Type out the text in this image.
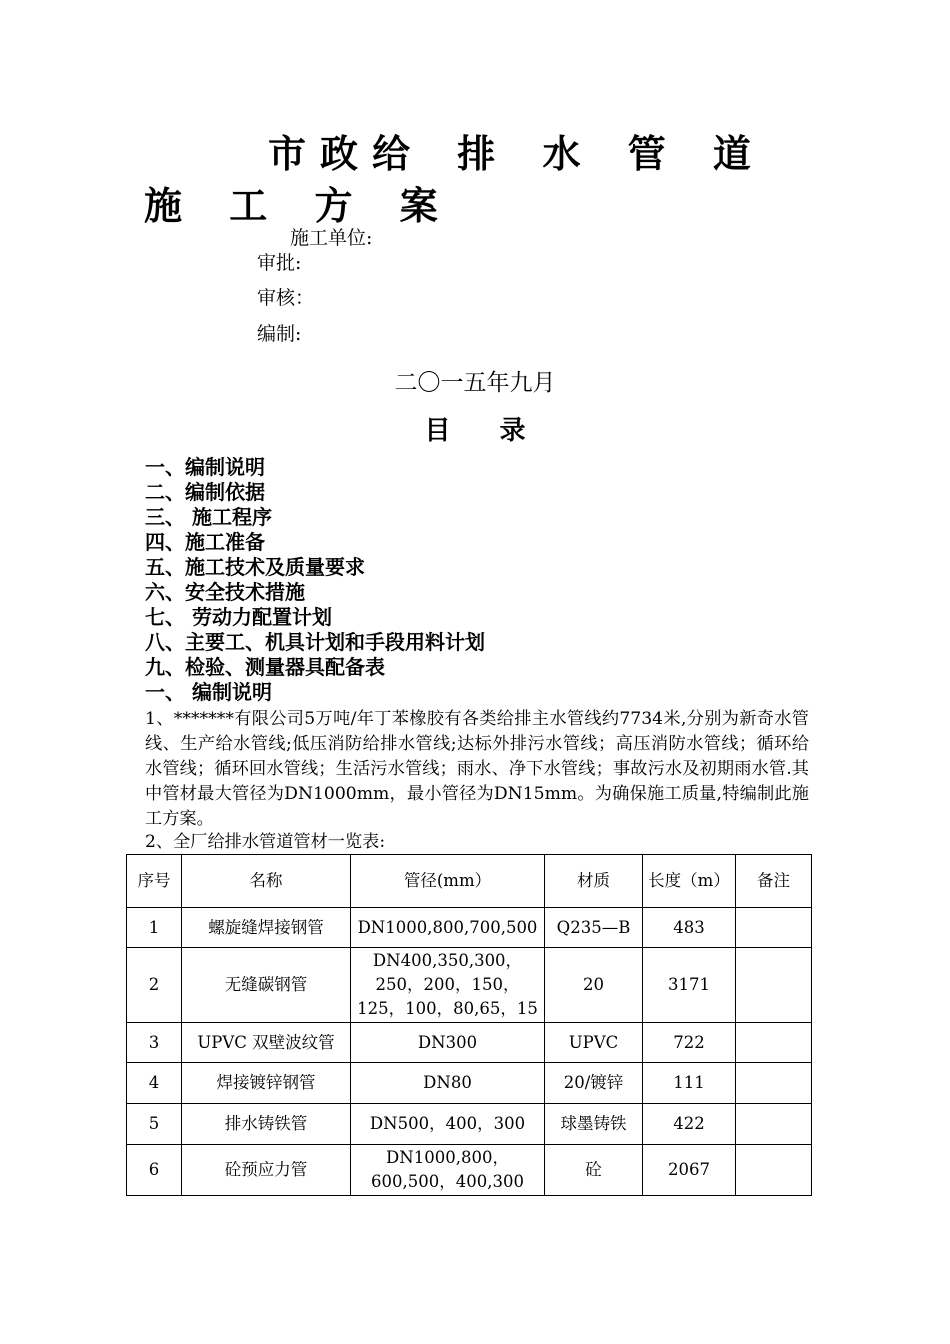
市政给 排 水 管 道 施 工 方 案
施工单位:
审批:
审核：
编制:
二〇一五年九月
目 录
一、编制说明
二、编制依据
三、 施工程序
四、施工准备
五、施工技术及质量要求
六、安全技术措施
七、 劳动力配置计划
八、主要工、机具计划和手段用料计划
九、检验、测量器具配备表
一、 编制说明

1、*******有限公司5万吨/年丁苯橡胶有各类给排主水管线约7734米,分别为新奇水管线、生产给水管线;低压消防给排水管线;达标外排污水管线；高压消防水管线；循环给水管线；循环回水管线；生活污水管线；雨水、净下水管线；事故污水及初期雨水管.其中管材最大管径为DN1000mm，最小管径为DN15mm。为确保施工质量,特编制此施工方案。

2、全厂给排水管道管材一览表:

序号	名称	管径(mm）	材质	长度（m）	备注
1	螺旋缝焊接钢管	DN1000,800,700,500	Q235—B	483	
2	无缝碳钢管	DN400,350,300，250，200，150，125，100，80,65，15	20	3171	
3	UPVC 双壁波纹管	DN300	UPVC	722	
4	焊接镀锌钢管	DN80	20/镀锌	111	
5	排水铸铁管	DN500，400，300	球墨铸铁	422	
6	砼预应力管	DN1000,800，600,500，400,300	砼	2067	
